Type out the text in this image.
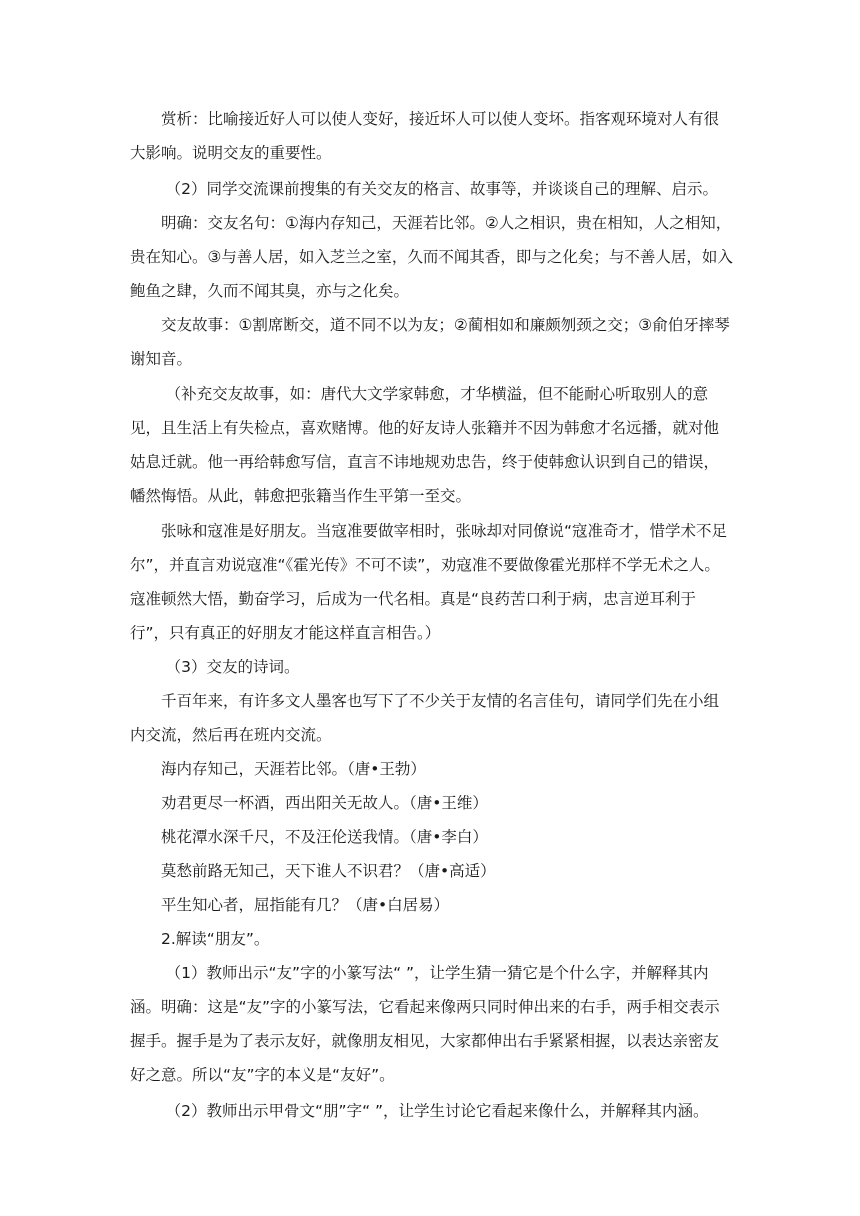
赏析：比喻接近好人可以使人变好，接近坏人可以使人变坏。指客观环境对人有很大影响。说明交友的重要性。

（2）同学交流课前搜集的有关交友的格言、故事等，并谈谈自己的理解、启示。

明确：交友名句：①海内存知己，天涯若比邻。②人之相识，贵在相知，人之相知，贵在知心。③与善人居，如入芝兰之室，久而不闻其香，即与之化矣；与不善人居，如入鲍鱼之肆，久而不闻其臭，亦与之化矣。

交友故事：①割席断交，道不同不以为友；②蔺相如和廉颇刎颈之交；③俞伯牙摔琴谢知音。

（补充交友故事，如：唐代大文学家韩愈，才华横溢，但不能耐心听取别人的意见，且生活上有失检点，喜欢赌博。他的好友诗人张籍并不因为韩愈才名远播，就对他姑息迁就。他一再给韩愈写信，直言不讳地规劝忠告，终于使韩愈认识到自己的错误，幡然悔悟。从此，韩愈把张籍当作生平第一至交。

张咏和寇准是好朋友。当寇准要做宰相时，张咏却对同僚说“寇准奇才，惜学术不足尔”，并直言劝说寇准“《霍光传》不可不读”，劝寇准不要做像霍光那样不学无术之人。寇准顿然大悟，勤奋学习，后成为一代名相。真是“良药苦口利于病，忠言逆耳利于行”，只有真正的好朋友才能这样直言相告。）

（3）交友的诗词。

千百年来，有许多文人墨客也写下了不少关于友情的名言佳句，请同学们先在小组内交流，然后再在班内交流。

海内存知己，天涯若比邻。（唐•王勃）

劝君更尽一杯酒，西出阳关无故人。（唐•王维）

桃花潭水深千尺，不及汪伦送我情。（唐•李白）

莫愁前路无知己，天下谁人不识君？（唐•高适）

平生知心者，屈指能有几？（唐•白居易）

2.解读“朋友”。

（1）教师出示“友”字的小篆写法“ ”，让学生猜一猜它是个什么字，并解释其内涵。 明确：这是“友”字的小篆写法，它看起来像两只同时伸出来的右手，两手相交表示握手。握手是为了表示友好，就像朋友相见，大家都伸出右手紧紧相握，以表达亲密友好之意。所以“友”字的本义是“友好”。

（2）教师出示甲骨文“朋”字“ ”，让学生讨论它看起来像什么，并解释其内涵。
